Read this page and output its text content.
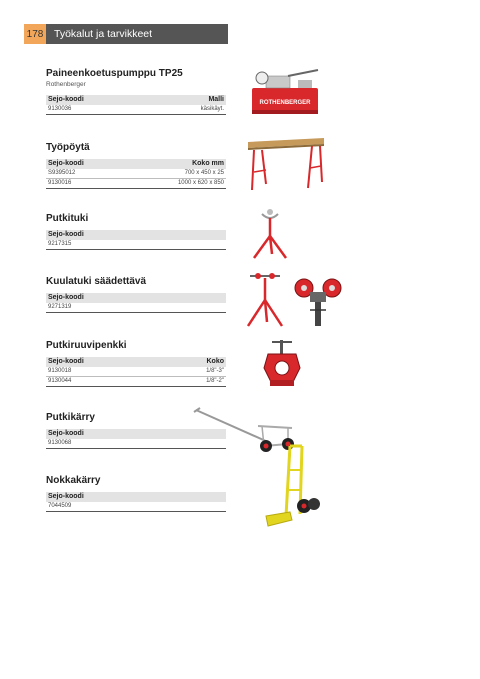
178	Työkalut ja tarvikkeet
Paineenkoetuspumppu TP25
Rothenberger
Sejo-koodi	Malli
9130036	käsikäyt.
Työpöytä
Sejo-koodi	Koko mm
S9395012	700 x 450 x 25
9130016	1000 x 620 x 850
Putkituki
Sejo-koodi	
9217315	
Kuulatuki säädettävä
Sejo-koodi	
9271319	
Putkiruuvipenkki
Sejo-koodi	Koko
9130018	1/8"-3"
9130044	1/8"-2"
Putkikärry
Sejo-koodi	
9130068	
Nokkakärry
Sejo-koodi	
7044509	
ROTHENBERGER
